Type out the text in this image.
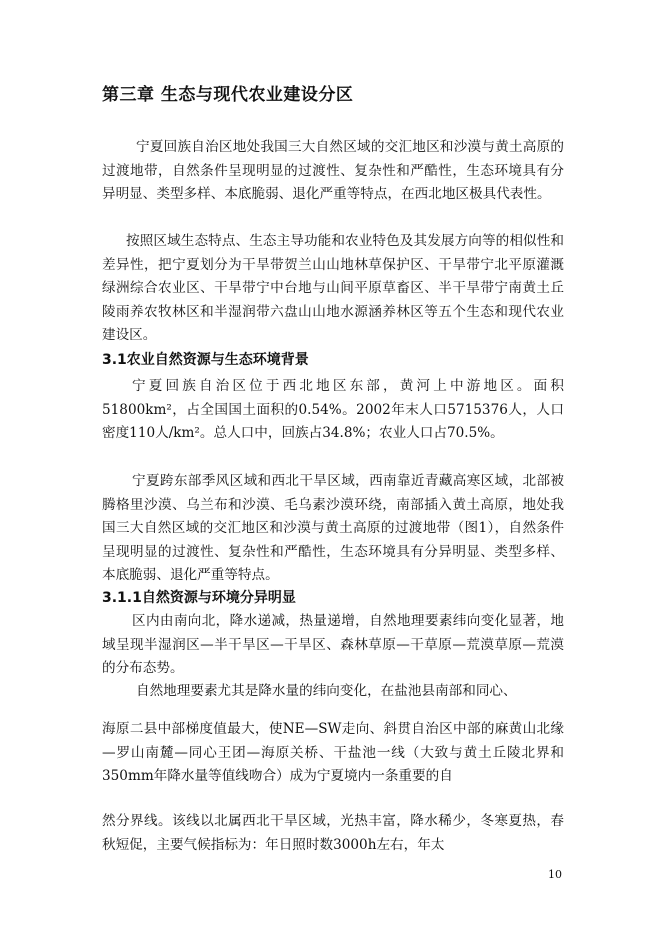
第三章 生态与现代农业建设分区

宁夏回族自治区地处我国三大自然区域的交汇地区和沙漠与黄土高原的过渡地带，自然条件呈现明显的过渡性、复杂性和严酷性，生态环境具有分异明显、类型多样、本底脆弱、退化严重等特点，在西北地区极具代表性。

按照区域生态特点、生态主导功能和农业特色及其发展方向等的相似性和差异性，把宁夏划分为干旱带贺兰山山地林草保护区、干旱带宁北平原灌溉绿洲综合农业区、干旱带宁中台地与山间平原草畜区、半干旱带宁南黄土丘陵雨养农牧林区和半湿润带六盘山山地水源涵养林区等五个生态和现代农业建设区。

3.1农业自然资源与生态环境背景

宁夏回族自治区位于西北地区东部，黄河上中游地区。面积51800km²，占全国国土面积的0.54%。2002年末人口5715376人，人口密度110人/km²。总人口中，回族占34.8%；农业人口占70.5%。

宁夏跨东部季风区域和西北干旱区域，西南靠近青藏高寒区域，北部被腾格里沙漠、乌兰布和沙漠、毛乌素沙漠环绕，南部插入黄土高原，地处我国三大自然区域的交汇地区和沙漠与黄土高原的过渡地带（图1），自然条件呈现明显的过渡性、复杂性和严酷性，生态环境具有分异明显、类型多样、本底脆弱、退化严重等特点。

3.1.1自然资源与环境分异明显

区内由南向北，降水递减，热量递增，自然地理要素纬向变化显著，地域呈现半湿润区—半干旱区—干旱区、森林草原—干草原—荒漠草原—荒漠的分布态势。

自然地理要素尤其是降水量的纬向变化，在盐池县南部和同心、

海原二县中部梯度值最大，使NE—SW走向、斜贯自治区中部的麻黄山北缘—罗山南麓—同心王团—海原关桥、干盐池一线（大致与黄土丘陵北界和350mm年降水量等值线吻合）成为宁夏境内一条重要的自

然分界线。该线以北属西北干旱区域，光热丰富，降水稀少，冬寒夏热，春秋短促，主要气候指标为：年日照时数3000h左右，年太

10
